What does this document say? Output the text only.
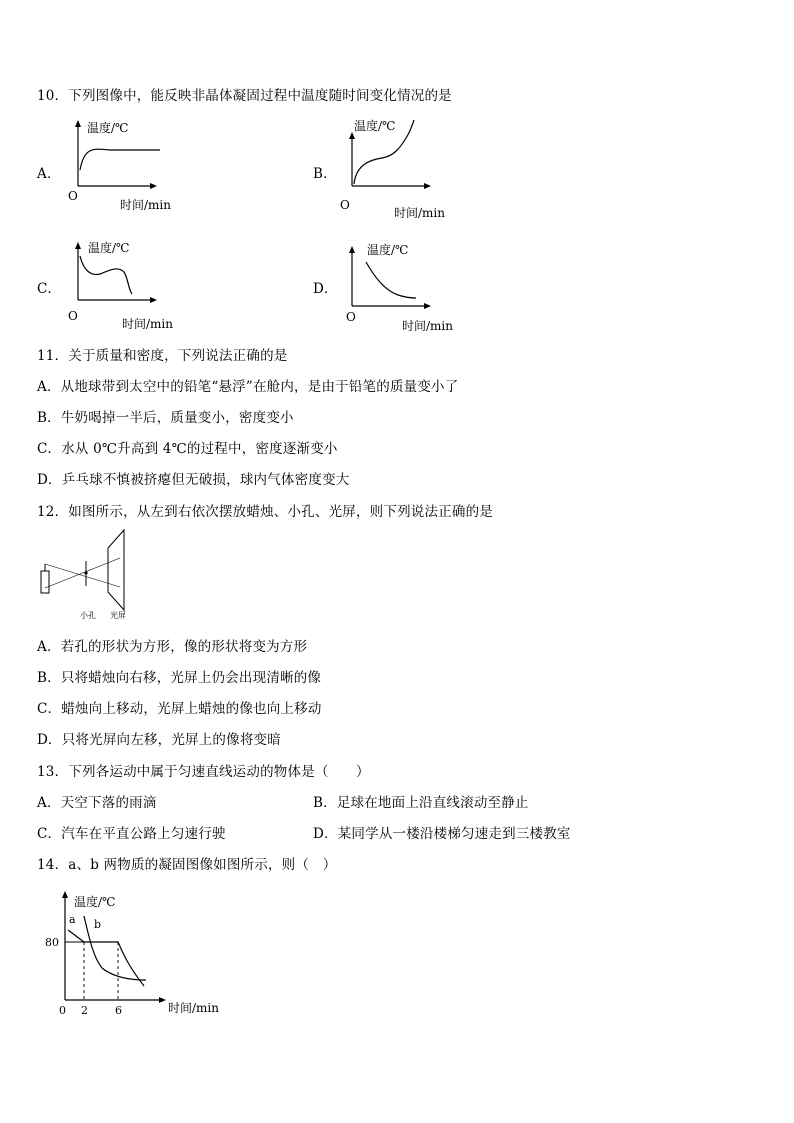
10．下列图像中，能反映非晶体凝固过程中温度随时间变化情况的是
A．
温度/℃
O
时间/min
B．
温度/℃
O
时间/min
C．
温度/℃
O
时间/min
D．
温度/℃
O
时间/min
11．关于质量和密度，下列说法正确的是
A．从地球带到太空中的铅笔“悬浮”在舱内，是由于铅笔的质量变小了
B．牛奶喝掉一半后，质量变小，密度变小
C．水从 0℃升高到 4℃的过程中，密度逐渐变小
D．乒乓球不慎被挤瘪但无破损，球内气体密度变大
12．如图所示，从左到右依次摆放蜡烛、小孔、光屏，则下列说法正确的是
小孔 光屏
A．若孔的形状为方形，像的形状将变为方形
B．只将蜡烛向右移，光屏上仍会出现清晰的像
C．蜡烛向上移动，光屏上蜡烛的像也向上移动
D．只将光屏向左移，光屏上的像将变暗
13．下列各运动中属于匀速直线运动的物体是（　　）
A．天空下落的雨滴	B．足球在地面上沿直线滚动至静止
C．汽车在平直公路上匀速行驶	D．某同学从一楼沿楼梯匀速走到三楼教室
14．a、b 两物质的凝固图像如图所示，则（　）
温度/℃
a b
80
0 2 6	时间/min
